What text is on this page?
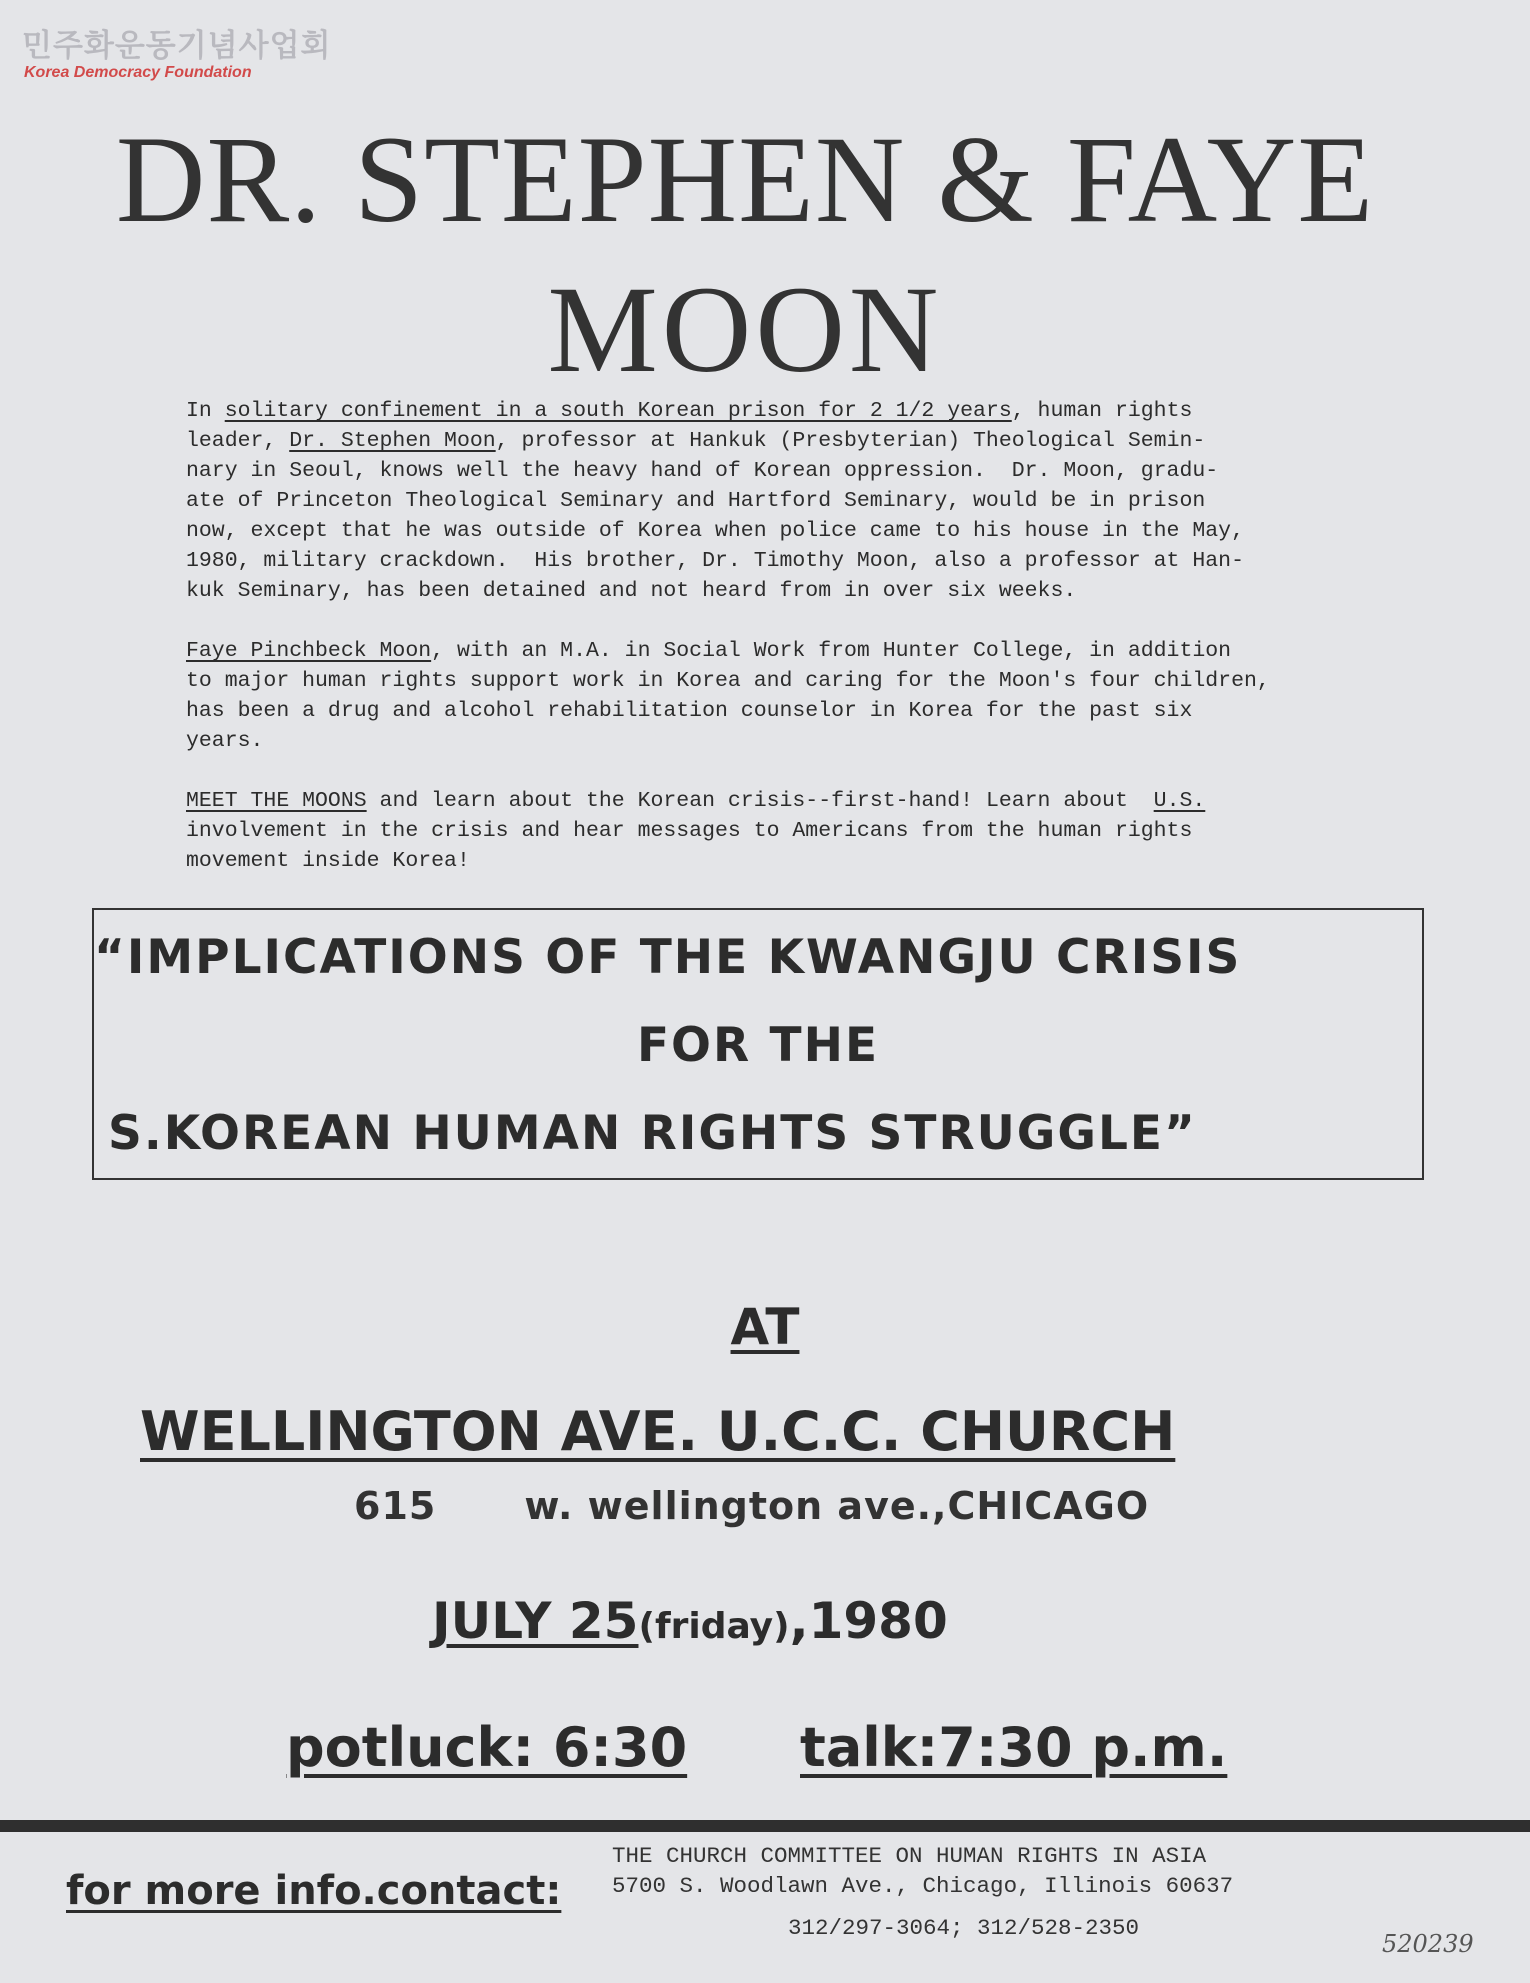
민주화운동기념사업회
Korea Democracy Foundation
DR. STEPHEN & FAYE
MOON
In solitary confinement in a south Korean prison for 2 1/2 years, human rights
leader, Dr. Stephen Moon, professor at Hankuk (Presbyterian) Theological Semin-
nary in Seoul, knows well the heavy hand of Korean oppression.  Dr. Moon, gradu-
ate of Princeton Theological Seminary and Hartford Seminary, would be in prison
now, except that he was outside of Korea when police came to his house in the May,
1980, military crackdown.  His brother, Dr. Timothy Moon, also a professor at Han-
kuk Seminary, has been detained and not heard from in over six weeks.
Faye Pinchbeck Moon, with an M.A. in Social Work from Hunter College, in addition
to major human rights support work in Korea and caring for the Moon's four children,
has been a drug and alcohol rehabilitation counselor in Korea for the past six
years.
MEET THE MOONS and learn about the Korean crisis--first-hand! Learn about  U.S.
involvement in the crisis and hear messages to Americans from the human rights
movement inside Korea!
“IMPLICATIONS OF THE KWANGJU CRISIS
FOR THE
S.KOREAN HUMAN RIGHTS STRUGGLE”
AT
WELLINGTON AVE. U.C.C. CHURCH
615 w. wellington ave.,CHICAGO
JULY 25(friday),1980
potluck: 6:30 talk:7:30 p.m.
for more info.contact:
THE CHURCH COMMITTEE ON HUMAN RIGHTS IN ASIA
5700 S. Woodlawn Ave., Chicago, Illinois 60637
312/297-3064; 312/528-2350
520239
